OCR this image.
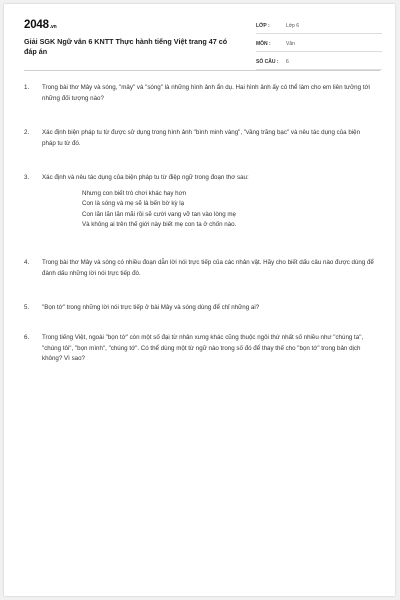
2048.vn
Giải SGK Ngữ văn 6 KNTT Thực hành tiếng Việt trang 47 có đáp án
LỚP :	Lớp 6
MÔN :	Văn
SỐ CÂU :	6
1. Trong bài thơ Mây và sóng, "mây" và "sóng" là những hình ảnh ẩn dụ. Hai hình ảnh ấy có thể làm cho em liên tưởng tới những đối tượng nào?
2. Xác định biện pháp tu từ được sử dụng trong hình ảnh "bình minh vàng", "vầng trăng bạc" và nêu tác dụng của biện pháp tu từ đó.
3. Xác định và nêu tác dụng của biện pháp tu từ điệp ngữ trong đoạn thơ sau:
Nhưng con biết trò chơi khác hay hơn
Con là sóng và mẹ sẽ là bến bờ kỳ lạ
Con lăn lăn lăn mãi rồi sẽ cười vang vỡ tan vào lòng mẹ
Và không ai trên thế giới này biết mẹ con ta ở chốn nào.
4. Trong bài thơ Mây và sóng có nhiều đoạn dẫn lời nói trực tiếp của các nhân vật. Hãy cho biết dấu câu nào được dùng để đánh dấu những lời nói trực tiếp đó.
5. "Bọn tớ" trong những lời nói trực tiếp ở bài Mây và sóng dùng để chỉ những ai?
6. Trong tiếng Việt, ngoài "bọn tớ" còn một số đại từ nhân xưng khác cũng thuộc ngôi thứ nhất số nhiều như "chúng ta", "chúng tôi", "bọn mình", "chúng tớ". Có thể dùng một từ ngữ nào trong số đó để thay thế cho "bọn tớ" trong bản dịch không? Vì sao?
